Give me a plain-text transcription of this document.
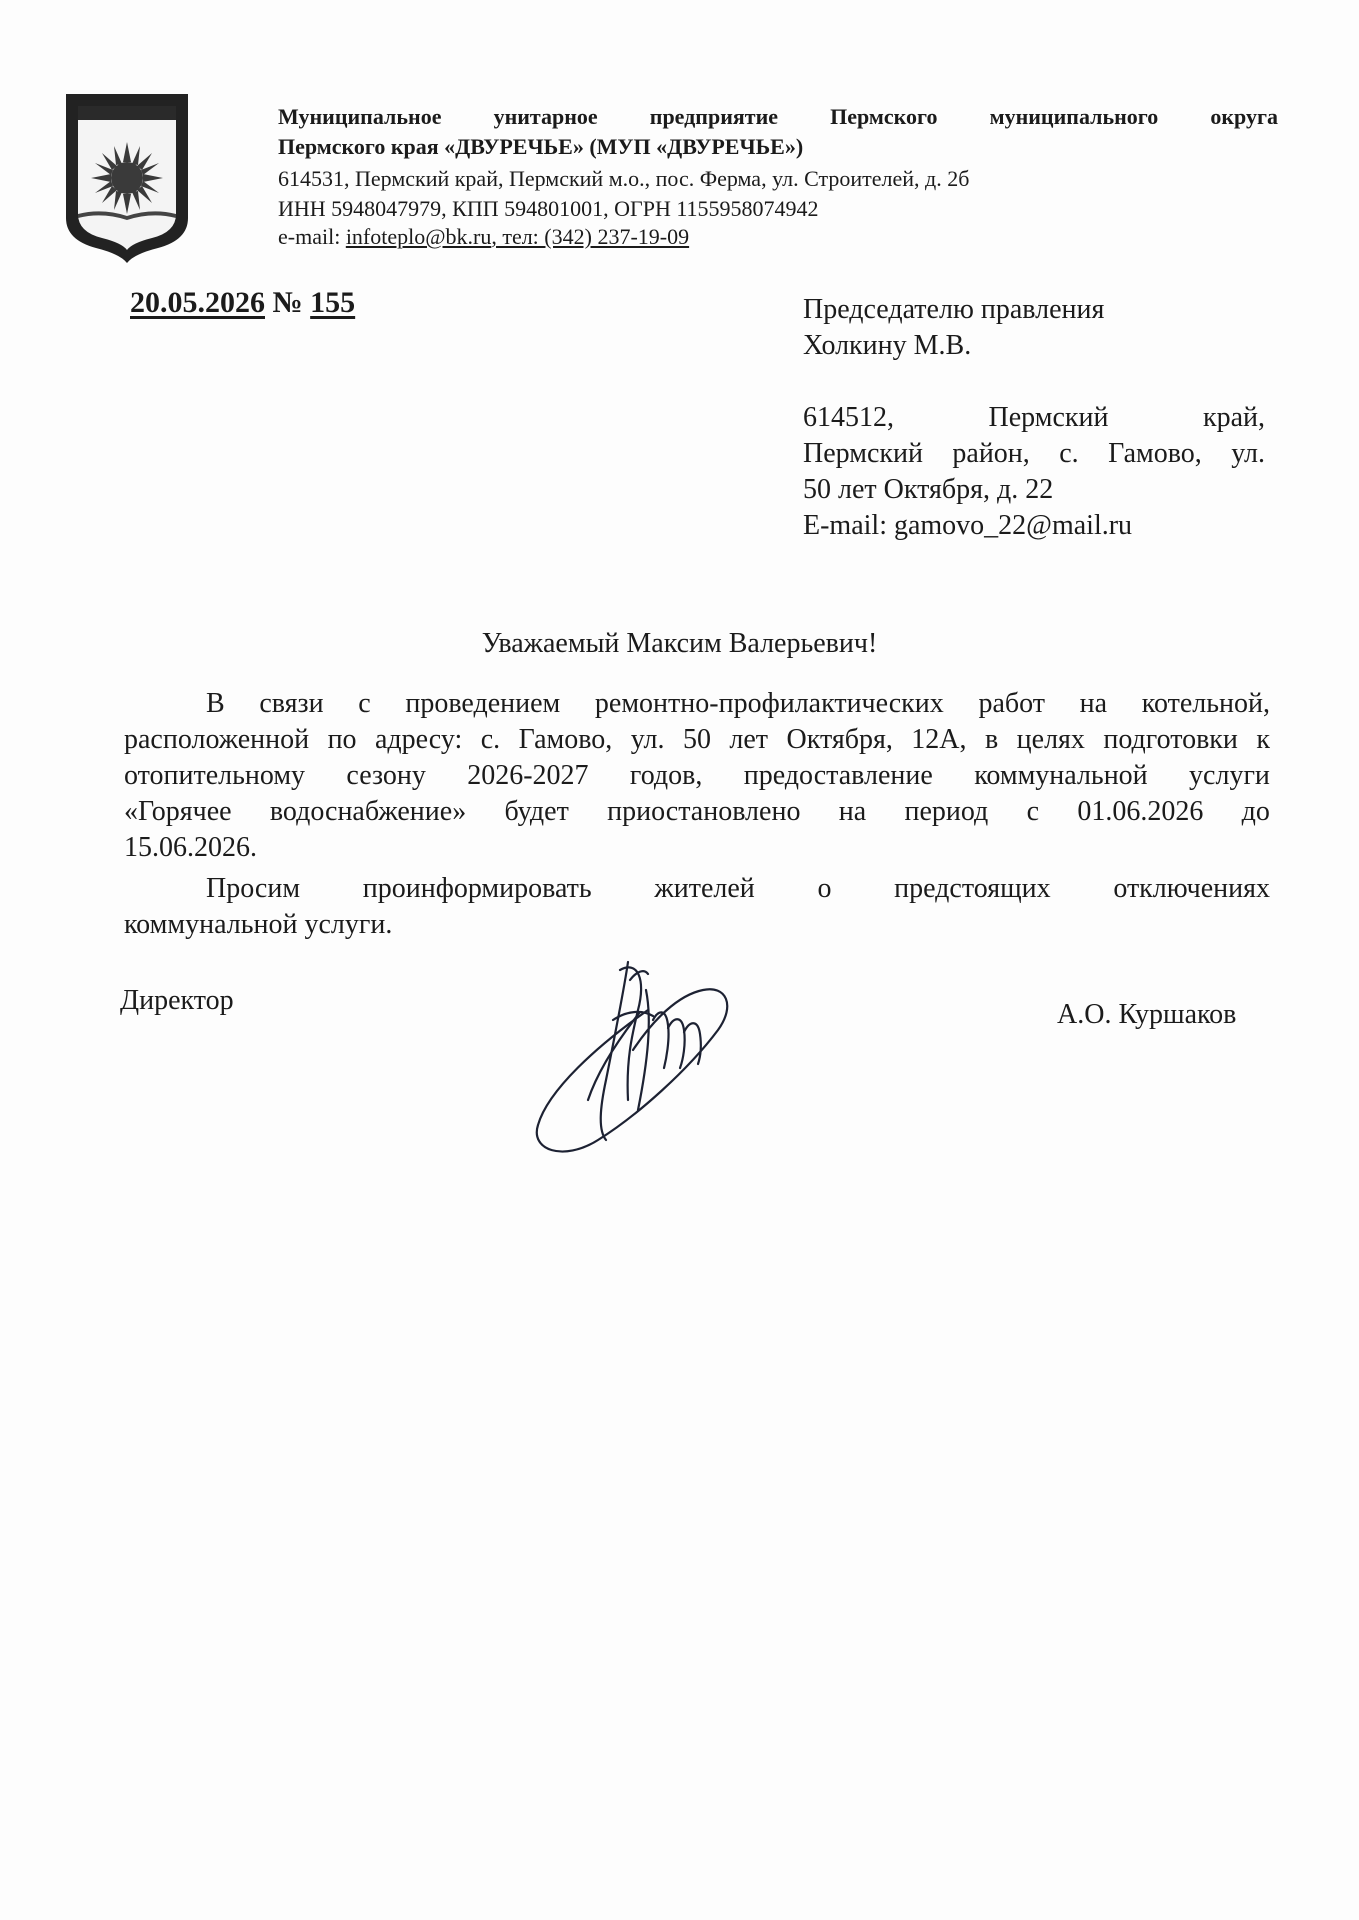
Муниципальное унитарное предприятие Пермского муниципального округа
Пермского края «ДВУРЕЧЬЕ» (МУП «ДВУРЕЧЬЕ»)
614531, Пермский край, Пермский м.о., пос. Ферма, ул. Строителей, д. 2б
ИНН 5948047979, КПП 594801001, ОГРН 1155958074942
e-mail: infoteplo@bk.ru, тел: (342) 237-19-09
20.05.2026 № 155	Председателю правления
Холкину М.В.
614512,	Пермский	край,
Пермский район, с. Гамово, ул.
50 лет Октября, д. 22
E-mail: gamovo_22@mail.ru
Уважаемый Максим Валерьевич!
В связи с проведением ремонтно-профилактических работ на котельной,
расположенной по адресу: с. Гамово, ул. 50 лет Октября, 12А, в целях подготовки к
отопительному сезону 2026-2027 годов, предоставление коммунальной услуги
«Горячее водоснабжение» будет приостановлено на период с 01.06.2026 до
15.06.2026.
Просим проинформировать жителей о предстоящих отключениях
коммунальной услуги.
Директор	А.О. Куршаков
